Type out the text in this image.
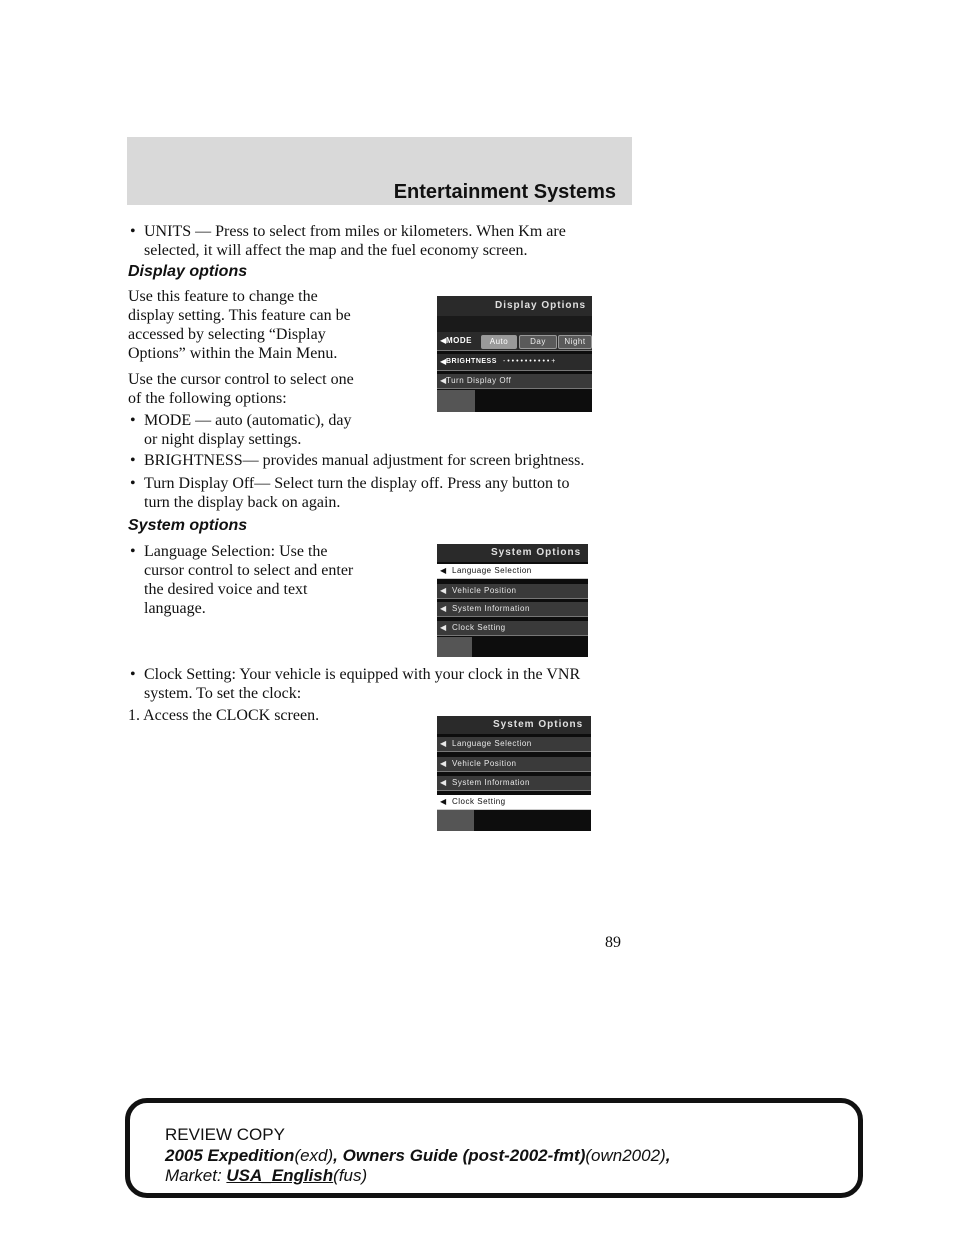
Entertainment Systems
• UNITS — Press to select from miles or kilometers. When Km are
selected, it will affect the map and the fuel economy screen.
Display options
Use this feature to change the
display setting. This feature can be
accessed by selecting “Display
Options” within the Main Menu.
Use the cursor control to select one
of the following options:
• MODE — auto (automatic), day
or night display settings.
• BRIGHTNESS— provides manual adjustment for screen brightness.
• Turn Display Off— Select turn the display off. Press any button to
turn the display back on again.
Display Options
◀ MODE	Auto	Day	Night
◀ BRIGHTNESS - • • • • • • • • • • +
◀ Turn Display Off
System options
• Language Selection: Use the
cursor control to select and enter
the desired voice and text
language.
System Options
◀ Language Selection
◀ Vehicle Position
◀ System Information
◀ Clock Setting
• Clock Setting: Your vehicle is equipped with your clock in the VNR
system. To set the clock:
1. Access the CLOCK screen.
System Options
◀ Language Selection
◀ Vehicle Position
◀ System Information
◀ Clock Setting
89
REVIEW COPY
2005 Expedition(exd), Owners Guide (post-2002-fmt)(own2002),
Market: USA_English(fus)
